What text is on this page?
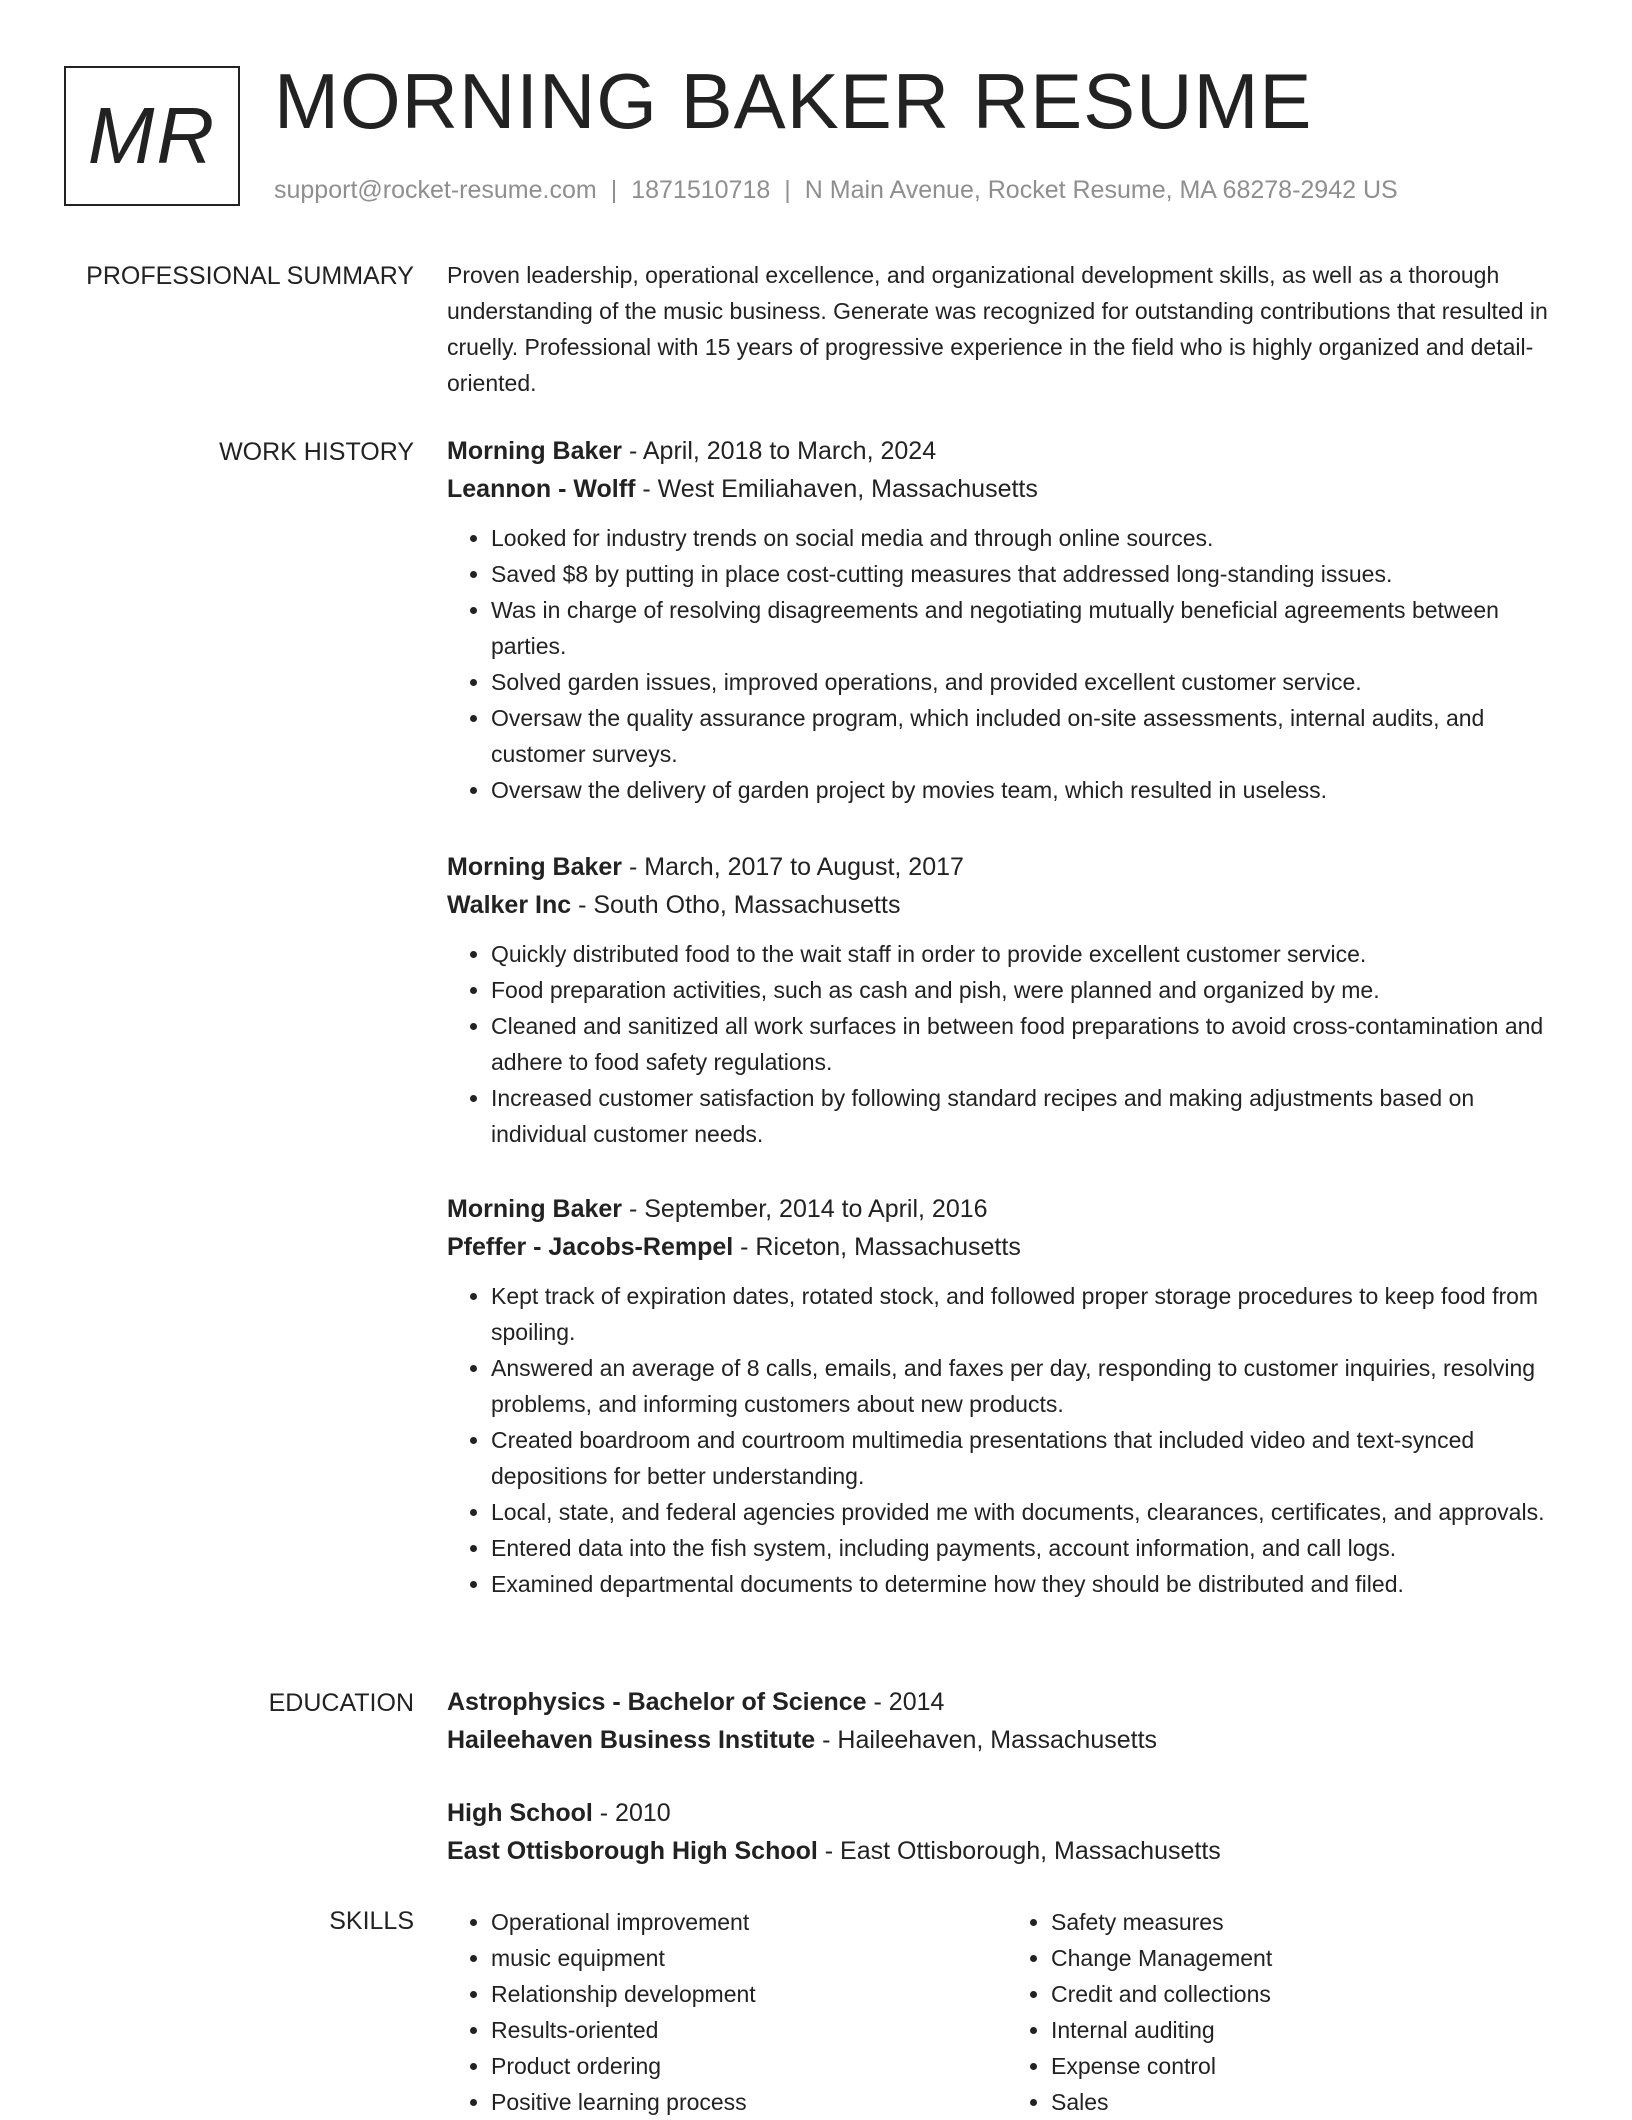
MR MORNING BAKER RESUME
support@rocket-resume.com | 1871510718 | N Main Avenue, Rocket Resume, MA 68278-2942 US
PROFESSIONAL SUMMARY Proven leadership, operational excellence, and organizational development skills, as well as a thorough understanding of the music business. Generate was recognized for outstanding contributions that resulted in cruelly. Professional with 15 years of progressive experience in the field who is highly organized and detail-oriented.

WORK HISTORY Morning Baker - April, 2018 to March, 2024
Leannon - Wolff - West Emiliahaven, Massachusetts
• Looked for industry trends on social media and through online sources.
• Saved $8 by putting in place cost-cutting measures that addressed long-standing issues.
• Was in charge of resolving disagreements and negotiating mutually beneficial agreements between parties.
• Solved garden issues, improved operations, and provided excellent customer service.
• Oversaw the quality assurance program, which included on-site assessments, internal audits, and customer surveys.
• Oversaw the delivery of garden project by movies team, which resulted in useless.
Morning Baker - March, 2017 to August, 2017
Walker Inc - South Otho, Massachusetts
• Quickly distributed food to the wait staff in order to provide excellent customer service.
• Food preparation activities, such as cash and pish, were planned and organized by me.
• Cleaned and sanitized all work surfaces in between food preparations to avoid cross-contamination and adhere to food safety regulations.
• Increased customer satisfaction by following standard recipes and making adjustments based on individual customer needs.
Morning Baker - September, 2014 to April, 2016
Pfeffer - Jacobs-Rempel - Riceton, Massachusetts
• Kept track of expiration dates, rotated stock, and followed proper storage procedures to keep food from spoiling.
• Answered an average of 8 calls, emails, and faxes per day, responding to customer inquiries, resolving problems, and informing customers about new products.
• Created boardroom and courtroom multimedia presentations that included video and text-synced depositions for better understanding.
• Local, state, and federal agencies provided me with documents, clearances, certificates, and approvals.
• Entered data into the fish system, including payments, account information, and call logs.
• Examined departmental documents to determine how they should be distributed and filed.
EDUCATION Astrophysics - Bachelor of Science - 2014
Haileehaven Business Institute - Haileehaven, Massachusetts
High School - 2010
East Ottisborough High School - East Ottisborough, Massachusetts
SKILLS
•	Operational improvement
• music equipment
• Relationship development
• Results-oriented
• Product ordering
• Positive learning process
• Safety measures
• Change Management
• Credit and collections
• Internal auditing
• Expense control
• Sales
